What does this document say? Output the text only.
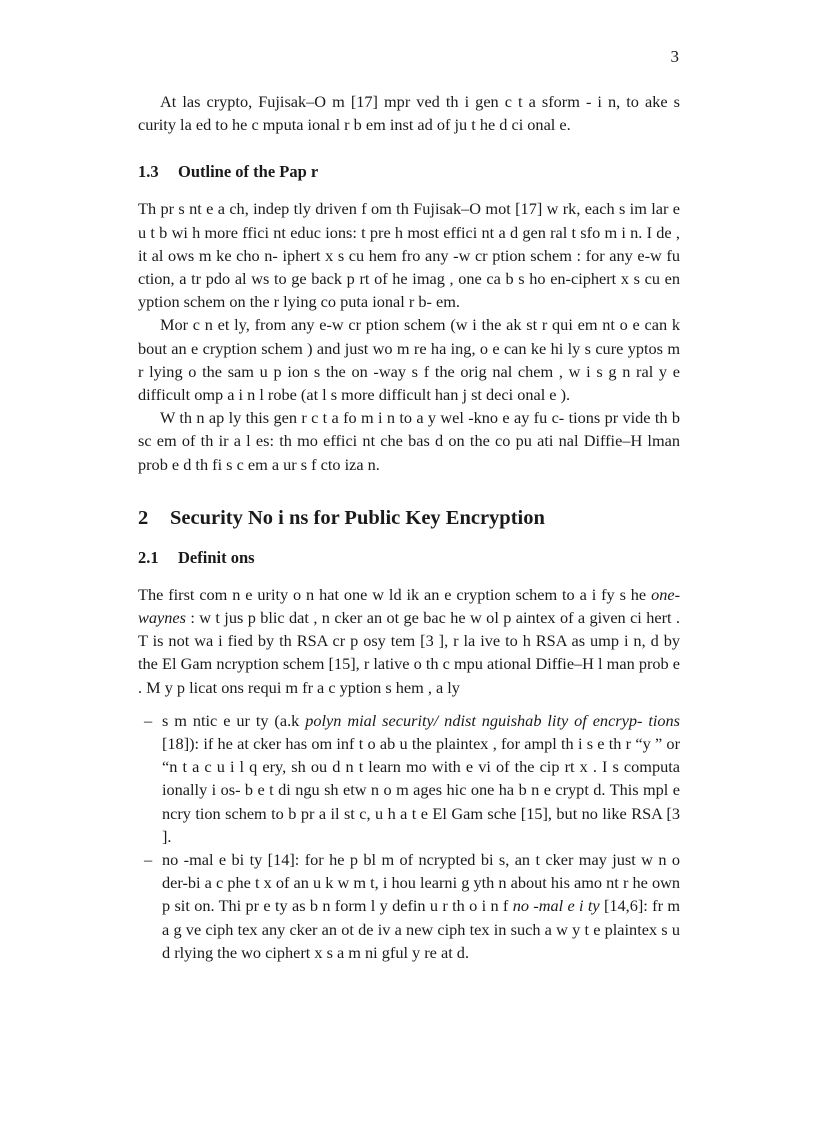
3

At las crypto, Fujisak–O m [17] mpr ved th i gen c t a sform - i n, to ake s curity la ed to he c mputa ional r b em inst ad of ju t he d ci onal e.

1.3 Outline of the Pap r

Th pr s nt e a ch, indep tly driven f om th Fujisak–O mot [17] w rk, each s im lar e u t b wi h more ffici nt educ ions: t pre h most effici nt a d gen ral t sfo m i n. I de , it al ows m ke cho n- iphert x s cu hem fro any -w cr ption schem : for any e-w fu ction, a tr pdo al ws to ge back p rt of he imag , one ca b s ho en-ciphert x s cu en yption schem on the r lying co puta ional r b- em.

Mor c n et ly, from any e-w cr ption schem (w i the ak st r qui em nt o e can k bout an e cryption schem ) and just wo m re ha ing, o e can ke hi ly s cure yptos m r lying o the sam u p ion s the on -way s f the orig nal chem , w i s g n ral y e difficult omp a i n l robe (at l s more difficult han j st deci onal e ).

W th n ap ly this gen r c t a fo m i n to a y wel -kno e ay fu c- tions pr vide th b sc em of th ir a l es: th mo effici nt che bas d on the co pu ati nal Diffie–H lman prob e d th fi s c em a ur s f cto iza n.

2 Security No i ns for Public Key Encryption
2.1 Definit ons

The first com n e urity o n hat one w ld ik an e cryption schem to a i fy s he one-waynes : w t jus p blic dat , n cker an ot ge bac he w ol p aintex of a given ci hert . T is not wa i fied by th RSA cr p osy tem [3 ], r la ive to h RSA as ump i n, d by the El Gam ncryption schem [15], r lative o th c mpu ational Diffie–H l man prob e . M y p licat ons requi m fr a c yption s hem , a ly

– s m ntic e ur ty (a.k polyn mial security/ ndist nguishab lity of encryp- tions [18]): if he at cker has om inf t o ab u the plaintex , for ampl th i s e th r “y ” or “n t a c u i l q ery, sh ou d n t learn mo with e vi of the cip rt x . I s computa ionally i os- b e t di ngu sh etw n o m ages hic one ha b n e crypt d. This mpl e ncry tion schem to b pr a il st c, u h a t e El Gam sche [15], but no like RSA [3 ].
– no -mal e bi ty [14]: for he p bl m of ncrypted bi s, an t cker may just w n o der-bi a c phe t x of an u k w m t, i hou learni g yth n about his amo nt r he own p sit on. Thi pr e ty as b n form l y defin u r th o i n f no -mal e i ty [14,6]: fr m a g ve ciph tex any cker an ot de iv a new ciph tex in such a w y t e plaintex s u d rlying the wo ciphert x s a m ni gful y re at d.
